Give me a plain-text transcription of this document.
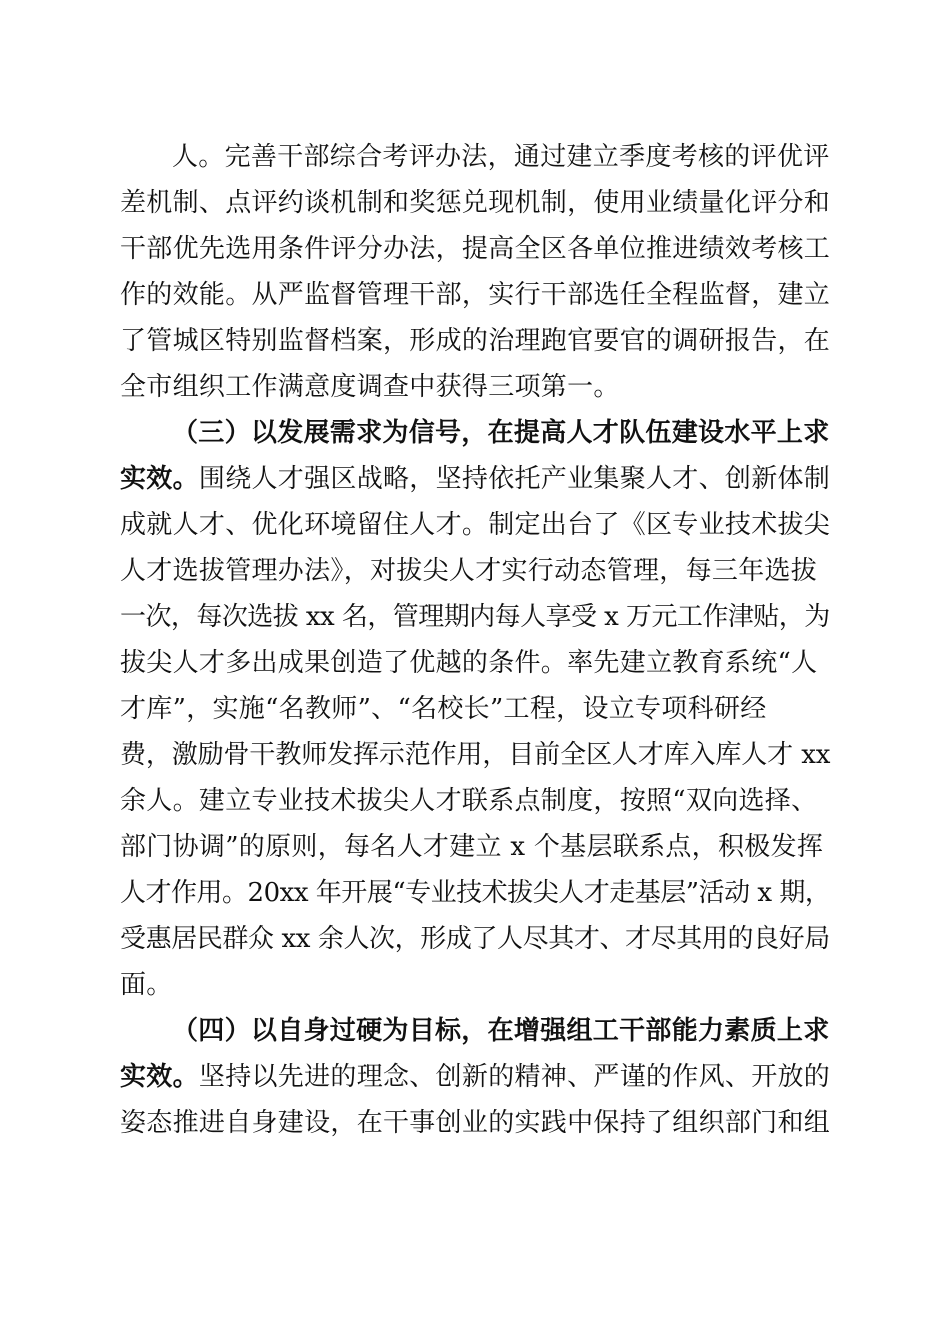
人。完善干部综合考评办法，通过建立季度考核的评优评
差机制、点评约谈机制和奖惩兑现机制，使用业绩量化评分和
干部优先选用条件评分办法，提高全区各单位推进绩效考核工
作的效能。从严监督管理干部，实行干部选任全程监督，建立
了管城区特别监督档案，形成的治理跑官要官的调研报告，在
全市组织工作满意度调查中获得三项第一。
（三）以发展需求为信号，在提高人才队伍建设水平上求
实效。围绕人才强区战略，坚持依托产业集聚人才、创新体制
成就人才、优化环境留住人才。制定出台了《区专业技术拔尖
人才选拔管理办法》，对拔尖人才实行动态管理，每三年选拔
一次，每次选拔 xx 名，管理期内每人享受 x 万元工作津贴，为
拔尖人才多出成果创造了优越的条件。率先建立教育系统“人
才库”，实施“名教师”、“名校长”工程，设立专项科研经
费，激励骨干教师发挥示范作用，目前全区人才库入库人才 xx
余人。建立专业技术拔尖人才联系点制度，按照“双向选择、
部门协调”的原则，每名人才建立 x 个基层联系点，积极发挥
人才作用。20xx 年开展“专业技术拔尖人才走基层”活动 x 期，
受惠居民群众 xx 余人次，形成了人尽其才、才尽其用的良好局
面。
（四）以自身过硬为目标，在增强组工干部能力素质上求
实效。坚持以先进的理念、创新的精神、严谨的作风、开放的
姿态推进自身建设，在干事创业的实践中保持了组织部门和组
